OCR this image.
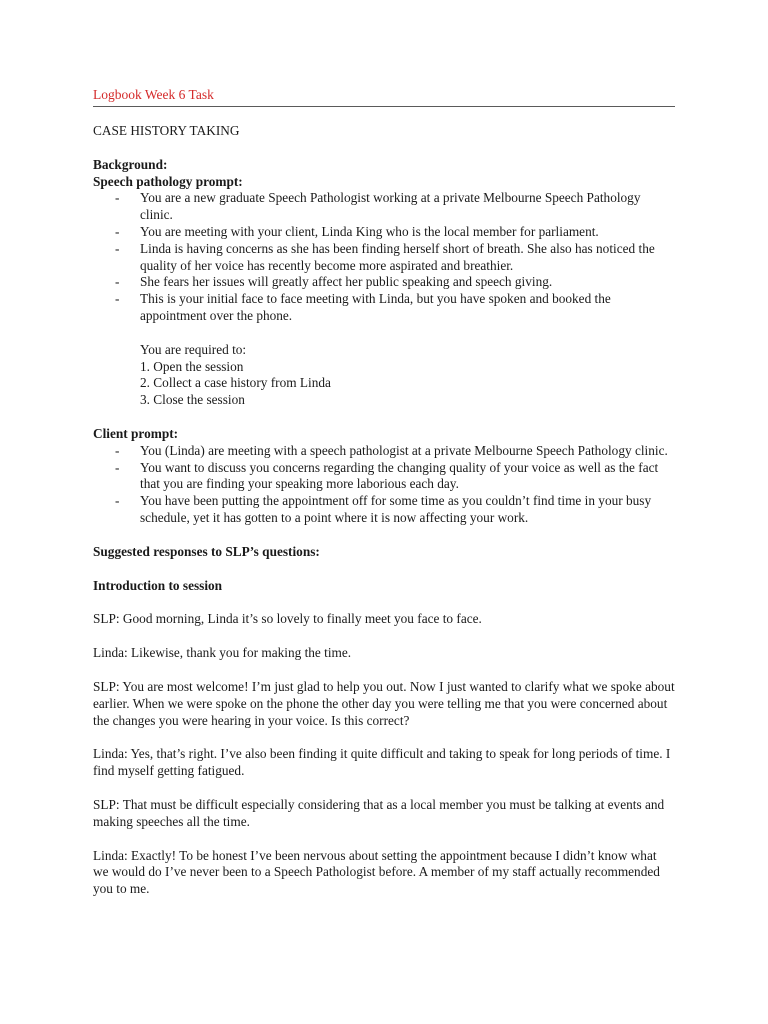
Logbook Week 6 Task
CASE HISTORY TAKING
Background:
Speech pathology prompt:
- You are a new graduate Speech Pathologist working at a private Melbourne Speech Pathology clinic.
- You are meeting with your client, Linda King who is the local member for parliament.
- Linda is having concerns as she has been finding herself short of breath. She also has noticed the quality of her voice has recently become more aspirated and breathier.
- She fears her issues will greatly affect her public speaking and speech giving.
- This is your initial face to face meeting with Linda, but you have spoken and booked the appointment over the phone.
You are required to:
1. Open the session
2. Collect a case history from Linda
3. Close the session
Client prompt:
- You (Linda) are meeting with a speech pathologist at a private Melbourne Speech Pathology clinic.
- You want to discuss you concerns regarding the changing quality of your voice as well as the fact that you are finding your speaking more laborious each day.
- You have been putting the appointment off for some time as you couldn’t find time in your busy schedule, yet it has gotten to a point where it is now affecting your work.
Suggested responses to SLP’s questions:
Introduction to session
SLP: Good morning, Linda it’s so lovely to finally meet you face to face.
Linda: Likewise, thank you for making the time.
SLP: You are most welcome! I’m just glad to help you out. Now I just wanted to clarify what we spoke about earlier. When we were spoke on the phone the other day you were telling me that you were concerned about the changes you were hearing in your voice. Is this correct?
Linda: Yes, that’s right. I’ve also been finding it quite difficult and taking to speak for long periods of time. I find myself getting fatigued.
SLP: That must be difficult especially considering that as a local member you must be talking at events and making speeches all the time.
Linda: Exactly! To be honest I’ve been nervous about setting the appointment because I didn’t know what we would do I’ve never been to a Speech Pathologist before. A member of my staff actually recommended you to me.
